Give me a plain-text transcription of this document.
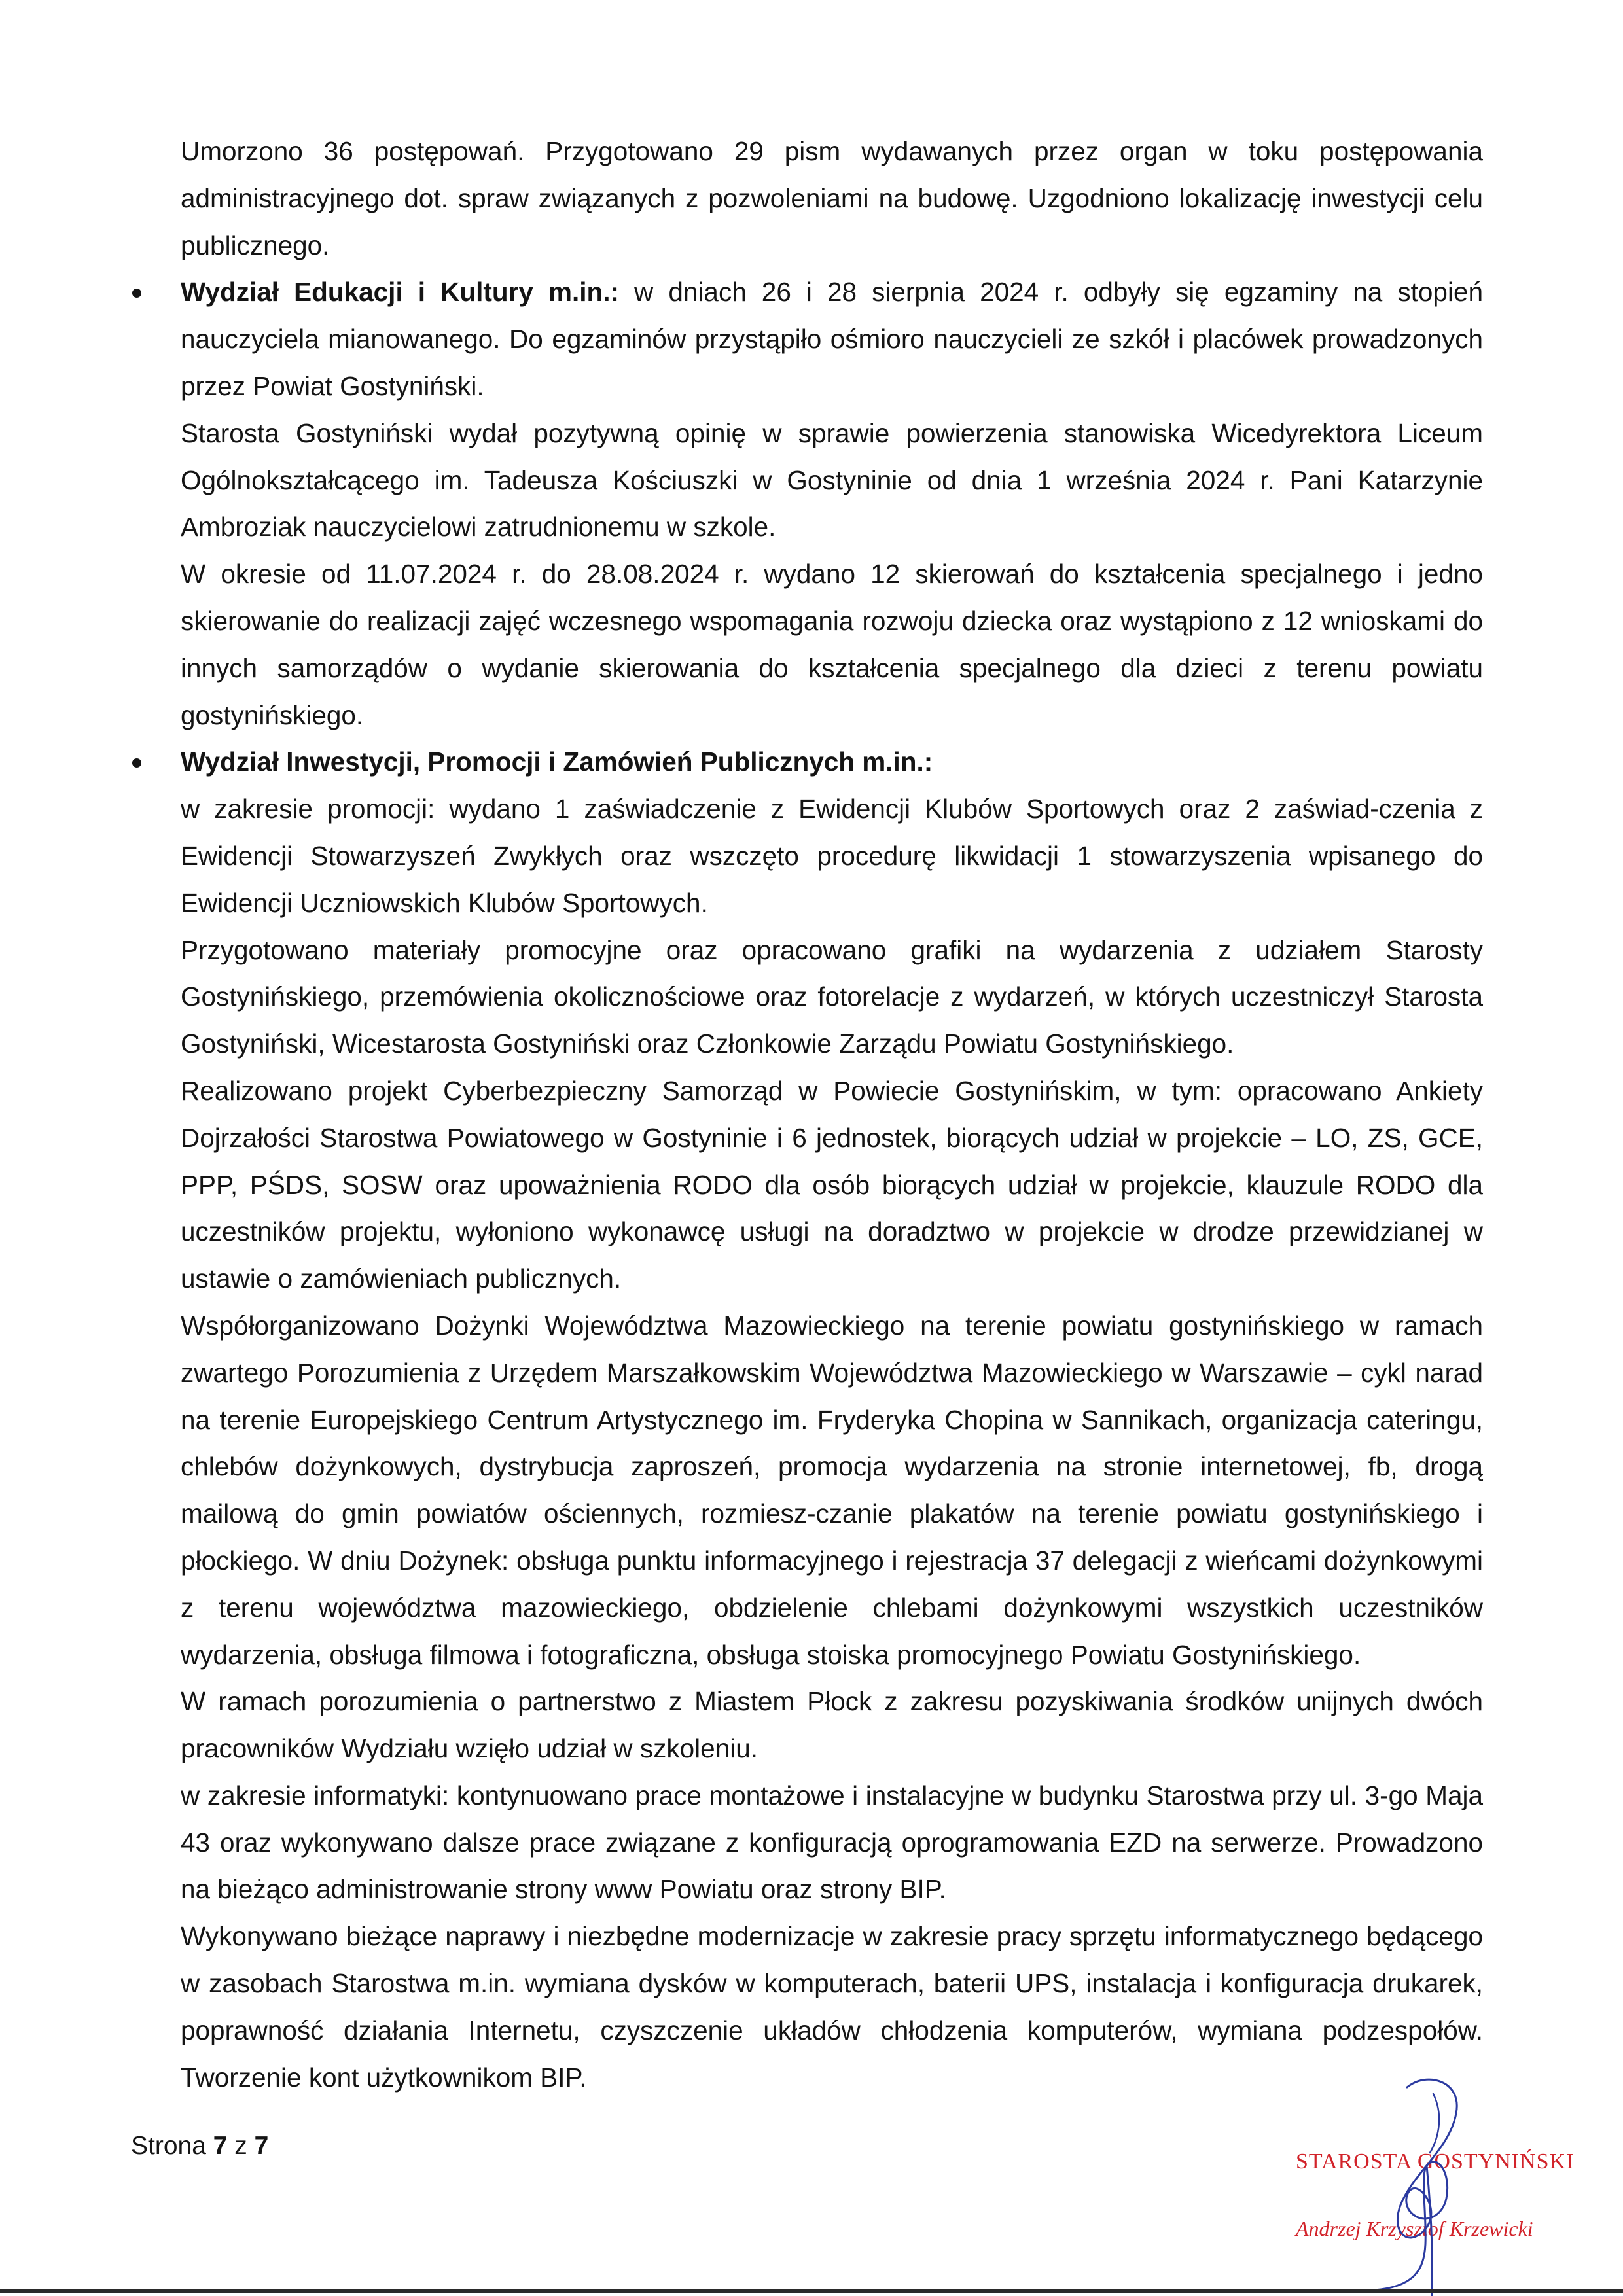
Umorzono 36 postępowań. Przygotowano 29 pism wydawanych przez organ w toku postępowania administracyjnego dot. spraw związanych z pozwoleniami na budowę. Uzgodniono lokalizację inwestycji celu publicznego.

Wydział Edukacji i Kultury m.in.: w dniach 26 i 28 sierpnia 2024 r. odbyły się egzaminy na stopień nauczyciela mianowanego. Do egzaminów przystąpiło ośmioro nauczycieli ze szkół i placówek prowadzonych przez Powiat Gostyniński.

Starosta Gostyniński wydał pozytywną opinię w sprawie powierzenia stanowiska Wicedyrektora Liceum Ogólnokształcącego im. Tadeusza Kościuszki w Gostyninie od dnia 1 września 2024 r. Pani Katarzynie Ambroziak nauczycielowi zatrudnionemu w szkole.

W okresie od 11.07.2024 r. do 28.08.2024 r. wydano 12 skierowań do kształcenia specjalnego i jedno skierowanie do realizacji zajęć wczesnego wspomagania rozwoju dziecka oraz wystąpiono z 12 wnioskami do innych samorządów o wydanie skierowania do kształcenia specjalnego dla dzieci z terenu powiatu gostynińskiego.

Wydział Inwestycji, Promocji i Zamówień Publicznych m.in.:

w zakresie promocji: wydano 1 zaświadczenie z Ewidencji Klubów Sportowych oraz 2 zaświad-czenia z Ewidencji Stowarzyszeń Zwykłych oraz wszczęto procedurę likwidacji 1 stowarzyszenia wpisanego do Ewidencji Uczniowskich Klubów Sportowych.

Przygotowano materiały promocyjne oraz opracowano grafiki na wydarzenia z udziałem Starosty Gostynińskiego, przemówienia okolicznościowe oraz fotorelacje z wydarzeń, w których uczestniczył Starosta Gostyniński, Wicestarosta Gostyniński oraz Członkowie Zarządu Powiatu Gostynińskiego.

Realizowano projekt Cyberbezpieczny Samorząd w Powiecie Gostynińskim, w tym: opracowano Ankiety Dojrzałości Starostwa Powiatowego w Gostyninie i 6 jednostek, biorących udział w projekcie – LO, ZS, GCE, PPP, PŚDS, SOSW oraz upoważnienia RODO dla osób biorących udział w projekcie, klauzule RODO dla uczestników projektu, wyłoniono wykonawcę usługi na doradztwo w projekcie w drodze przewidzianej w ustawie o zamówieniach publicznych.

Współorganizowano Dożynki Województwa Mazowieckiego na terenie powiatu gostynińskiego w ramach zwartego Porozumienia z Urzędem Marszałkowskim Województwa Mazowieckiego w Warszawie – cykl narad na terenie Europejskiego Centrum Artystycznego im. Fryderyka Chopina w Sannikach, organizacja cateringu, chlebów dożynkowych, dystrybucja zaproszeń, promocja wydarzenia na stronie internetowej, fb, drogą mailową do gmin powiatów ościennych, rozmiesz-czanie plakatów na terenie powiatu gostynińskiego i płockiego. W dniu Dożynek: obsługa punktu informacyjnego i rejestracja 37 delegacji z wieńcami dożynkowymi z terenu województwa mazowieckiego, obdzielenie chlebami dożynkowymi wszystkich uczestników wydarzenia, obsługa filmowa i fotograficzna, obsługa stoiska promocyjnego Powiatu Gostynińskiego.

W ramach porozumienia o partnerstwo z Miastem Płock z zakresu pozyskiwania środków unijnych dwóch pracowników Wydziału wzięło udział w szkoleniu.

w zakresie informatyki: kontynuowano prace montażowe i instalacyjne w budynku Starostwa przy ul. 3-go Maja 43 oraz wykonywano dalsze prace związane z konfiguracją oprogramowania EZD na serwerze. Prowadzono na bieżąco administrowanie strony www Powiatu oraz strony BIP.

Wykonywano bieżące naprawy i niezbędne modernizacje w zakresie pracy sprzętu informatycznego będącego w zasobach Starostwa m.in. wymiana dysków w komputerach, baterii UPS, instalacja i konfiguracja drukarek, poprawność działania Internetu, czyszczenie układów chłodzenia komputerów, wymiana podzespołów. Tworzenie kont użytkownikom BIP.

Strona 7 z 7
STAROSTA GOSTYNIŃSKI
Andrzej Krzysztof Krzewicki
